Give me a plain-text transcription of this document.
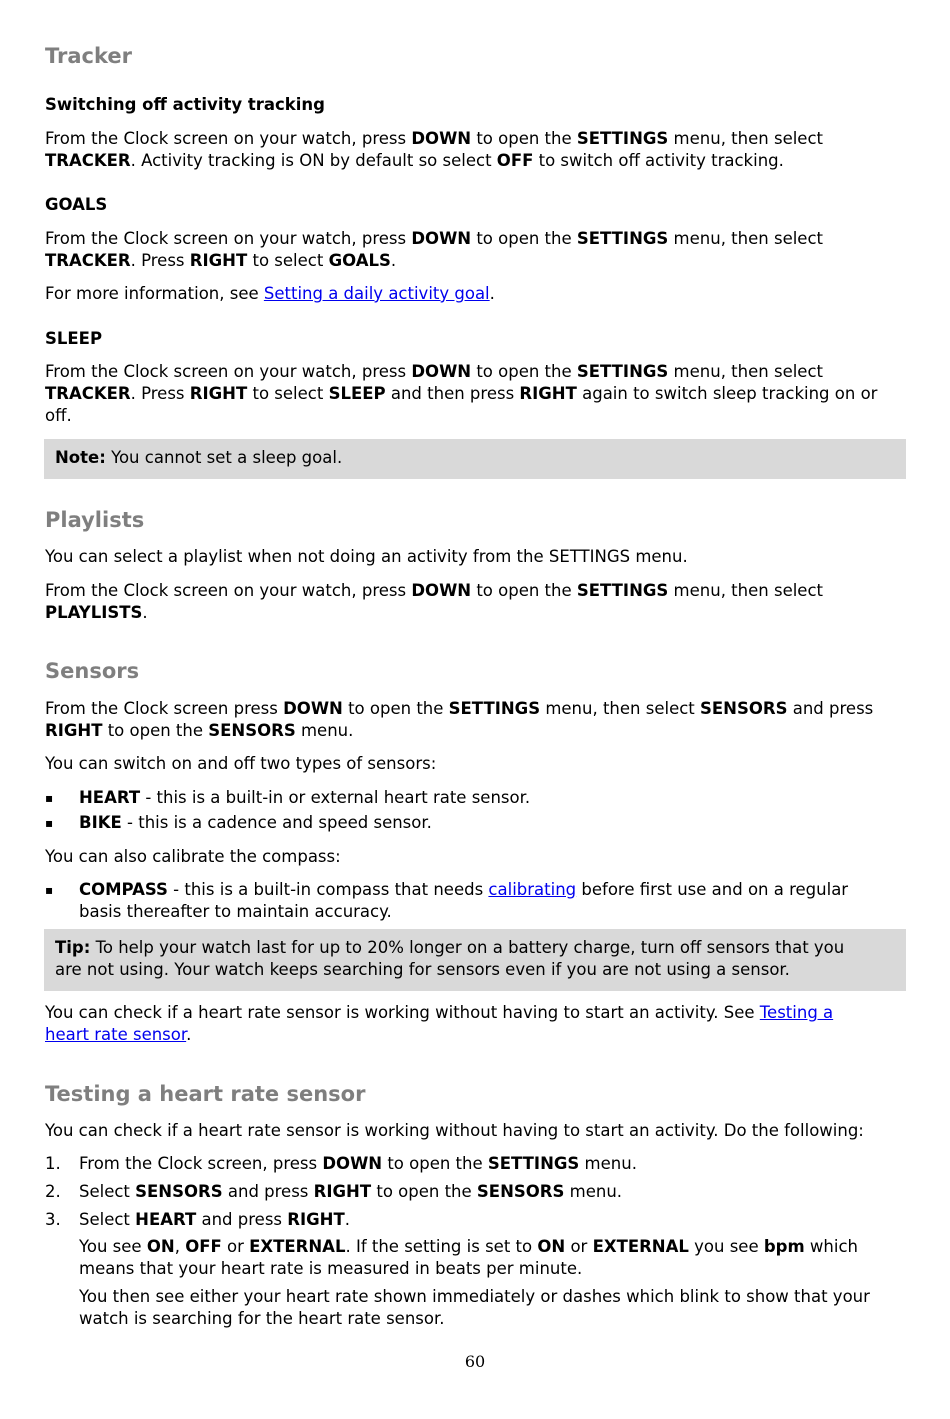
Tracker
Switching off activity tracking

From the Clock screen on your watch, press DOWN to open the SETTINGS menu, then select
TRACKER. Activity tracking is ON by default so select OFF to switch off activity tracking.

GOALS

From the Clock screen on your watch, press DOWN to open the SETTINGS menu, then select
TRACKER. Press RIGHT to select GOALS.

For more information, see Setting a daily activity goal.

SLEEP

From the Clock screen on your watch, press DOWN to open the SETTINGS menu, then select
TRACKER. Press RIGHT to select SLEEP and then press RIGHT again to switch sleep tracking on or
off.

Note: You cannot set a sleep goal.
Playlists

You can select a playlist when not doing an activity from the SETTINGS menu.

From the Clock screen on your watch, press DOWN to open the SETTINGS menu, then select
PLAYLISTS.

Sensors

From the Clock screen press DOWN to open the SETTINGS menu, then select SENSORS and press
RIGHT to open the SENSORS menu.

You can switch on and off two types of sensors:

▪ HEART - this is a built-in or external heart rate sensor.

▪ BIKE - this is a cadence and speed sensor.

You can also calibrate the compass:

▪ COMPASS - this is a built-in compass that needs calibrating before first use and on a regular
basis thereafter to maintain accuracy.

Tip: To help your watch last for up to 20% longer on a battery charge, turn off sensors that you
are not using. Your watch keeps searching for sensors even if you are not using a sensor.

You can check if a heart rate sensor is working without having to start an activity. See Testing a
heart rate sensor.

Testing a heart rate sensor

You can check if a heart rate sensor is working without having to start an activity. Do the following:

1. From the Clock screen, press DOWN to open the SETTINGS menu.

2. Select SENSORS and press RIGHT to open the SENSORS menu.

3. Select HEART and press RIGHT.

You see ON, OFF or EXTERNAL. If the setting is set to ON or EXTERNAL you see bpm which
means that your heart rate is measured in beats per minute.

You then see either your heart rate shown immediately or dashes which blink to show that your
watch is searching for the heart rate sensor.

60
